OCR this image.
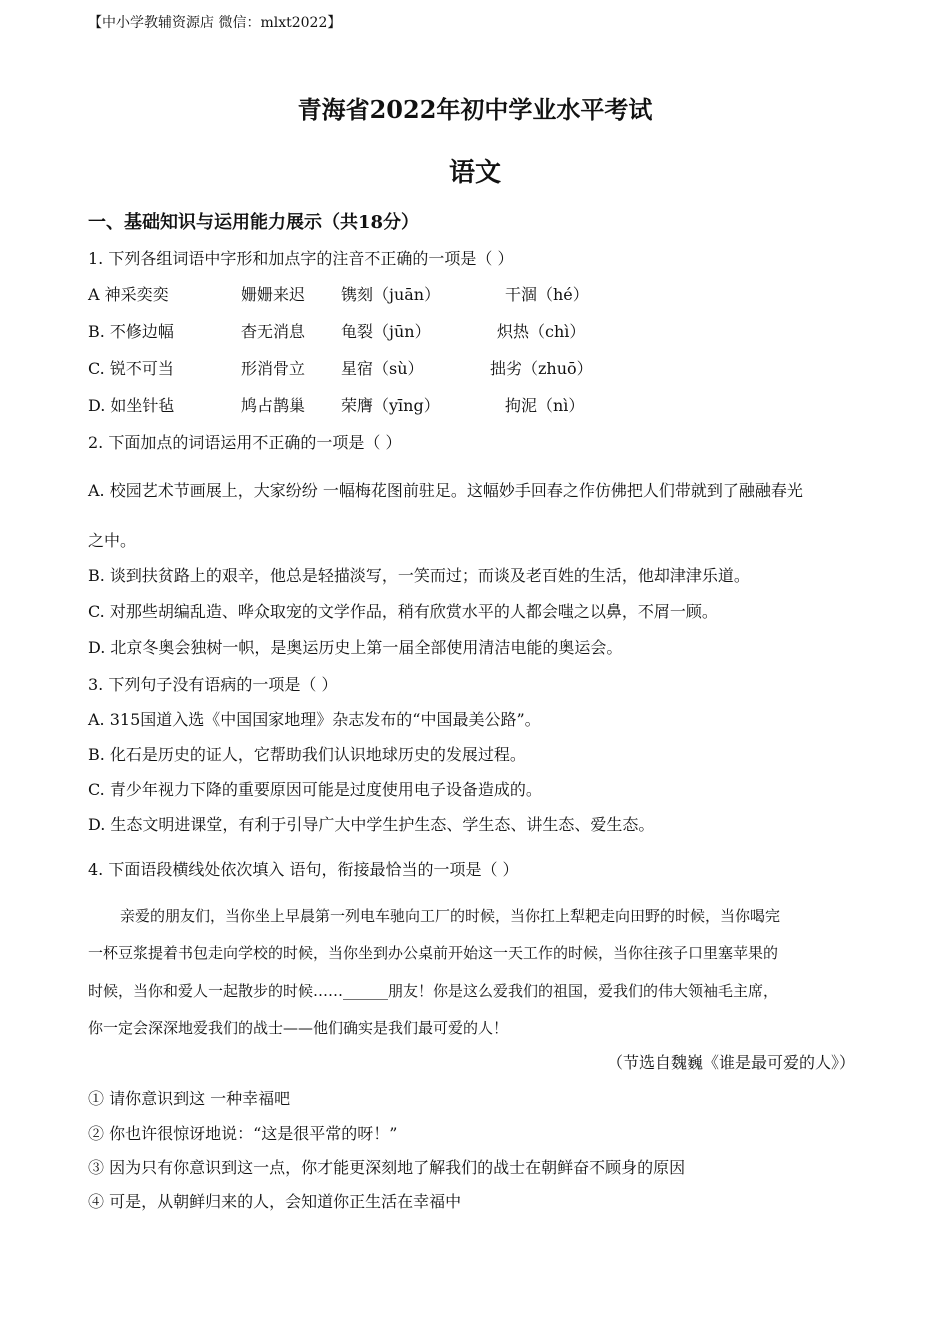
【中小学教辅资源店 微信：mlxt2022】
青海省2022年初中学业水平考试
语文
一、基础知识与运用能力展示（共18分）
1. 下列各组词语中字形和加点字的注音不正确的一项是（ ）
A 神采奕奕	姗姗来迟 镌刻（juān）	干涸（hé）
B. 不修边幅	杳无消息 龟裂（jūn）	炽热（chì）
C. 锐不可当	形消骨立 星宿（sù）	拙劣（zhuō）
D. 如坐针毡	鸠占鹊巢 荣膺（yīng）	拘泥（nì）
2. 下面加点的词语运用不正确的一项是（ ）
A. 校园艺术节画展上，大家纷纷 一幅梅花图前驻足。这幅妙手回春之作仿佛把人们带就到了融融春光
之中。
B. 谈到扶贫路上的艰辛，他总是轻描淡写，一笑而过；而谈及老百姓的生活，他却津津乐道。
C. 对那些胡编乱造、哗众取宠的文学作品，稍有欣赏水平的人都会嗤之以鼻，不屑一顾。
D. 北京冬奥会独树一帜，是奥运历史上第一届全部使用清洁电能的奥运会。
3. 下列句子没有语病的一项是（ ）
A. 315国道入选《中国国家地理》杂志发布的“中国最美公路”。
B. 化石是历史的证人，它帮助我们认识地球历史的发展过程。
C. 青少年视力下降的重要原因可能是过度使用电子设备造成的。
D. 生态文明进课堂，有利于引导广大中学生护生态、学生态、讲生态、爱生态。
4. 下面语段横线处依次填入 语句，衔接最恰当的一项是（ ）
亲爱的朋友们，当你坐上早晨第一列电车驰向工厂的时候，当你扛上犁耙走向田野的时候，当你喝完
一杯豆浆提着书包走向学校的时候，当你坐到办公桌前开始这一天工作的时候，当你往孩子口里塞苹果的
时候，当你和爱人一起散步的时候……______朋友！你是这么爱我们的祖国，爱我们的伟大领袖毛主席，
你一定会深深地爱我们的战士——他们确实是我们最可爱的人！
（节选自魏巍《谁是最可爱的人》）
① 请你意识到这 一种幸福吧
② 你也许很惊讶地说：“这是很平常的呀！”
③ 因为只有你意识到这一点，你才能更深刻地了解我们的战士在朝鲜奋不顾身的原因
④ 可是，从朝鲜归来的人，会知道你正生活在幸福中
